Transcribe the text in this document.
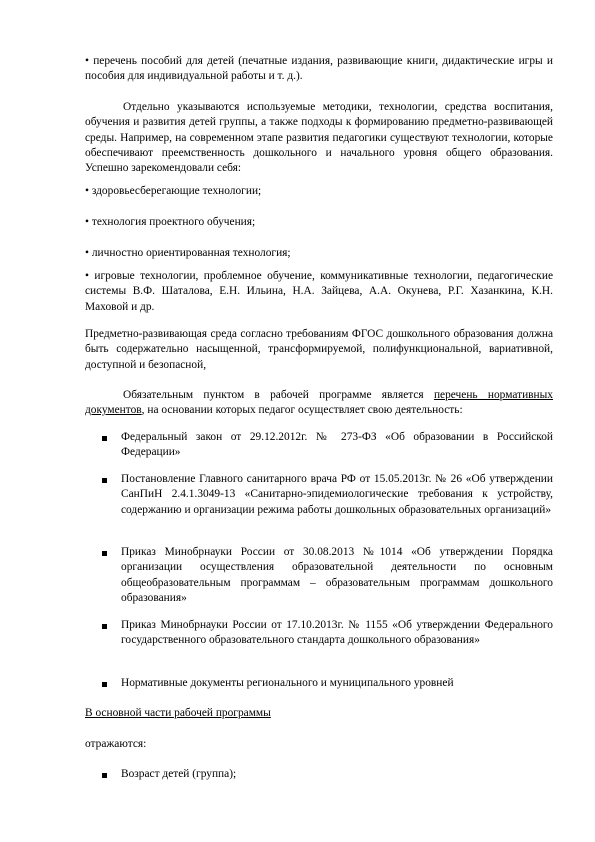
• перечень пособий для детей (печатные издания, развивающие книги, дидактические игры и пособия для индивидуальной работы и т. д.).

Отдельно указываются используемые методики, технологии, средства воспитания, обучения и развития детей группы, а также подходы к формированию предметно-развивающей среды. Например, на современном этапе развития педагогики существуют технологии, которые обеспечивают преемственность дошкольного и начального уровня общего образования. Успешно зарекомендовали себя:

• здоровьесберегающие технологии;

• технология проектного обучения;

• личностно ориентированная технология;

• игровые технологии, проблемное обучение, коммуникативные технологии, педагогические системы В.Ф. Шаталова, Е.Н. Ильина, Н.А. Зайцева, А.А. Окунева, Р.Г. Хазанкина, К.Н. Маховой и др.

Предметно-развивающая среда согласно требованиям ФГОС дошкольного образования должна быть содержательно насыщенной, трансформируемой, полифункциональной, вариативной, доступной и безопасной,

Обязательным пунктом в рабочей программе является перечень нормативных документов, на основании которых педагог осуществляет свою деятельность:

Федеральный закон от 29.12.2012г. № 273-ФЗ «Об образовании в Российской Федерации»

Постановление Главного санитарного врача РФ от 15.05.2013г. № 26 «Об утверждении СанПиН 2.4.1.3049-13 «Санитарно-эпидемиологические требования к устройству, содержанию и организации режима работы дошкольных образовательных организаций»

Приказ Минобрнауки России от 30.08.2013 №1014 «Об утверждении Порядка организации осуществления образовательной деятельности по основным общеобразовательным программам – образовательным программам дошкольного образования»

Приказ Минобрнауки России от 17.10.2013г. № 1155 «Об утверждении Федерального государственного образовательного стандарта дошкольного образования»

Нормативные документы регионального и муниципального уровней

В основной части рабочей программы

отражаются:

Возраст детей (группа);
